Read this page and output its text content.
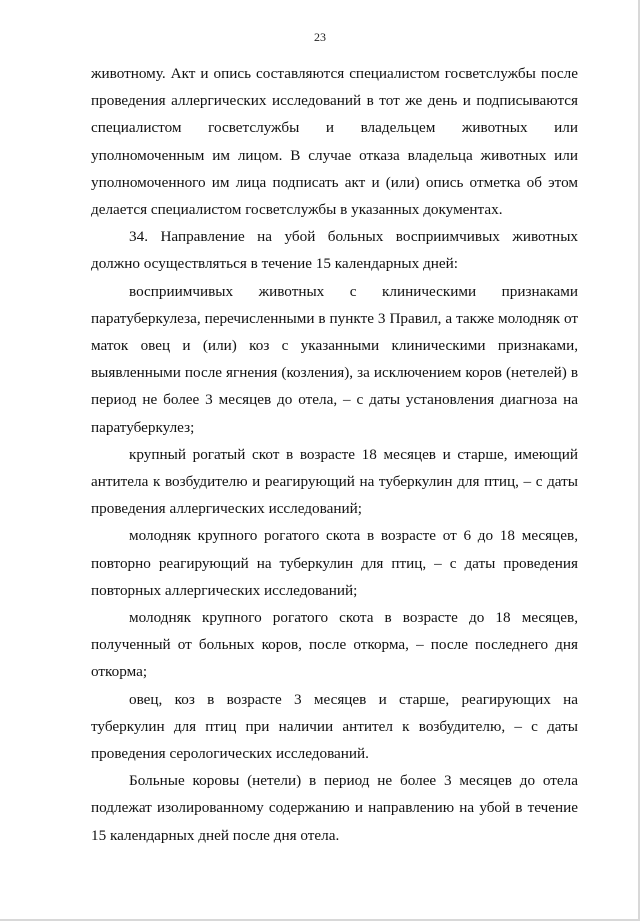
23

животному. Акт и опись составляются специалистом госветслужбы после проведения аллергических исследований в тот же день и подписываются специалистом госветслужбы и владельцем животных или уполномоченным им лицом. В случае отказа владельца животных или уполномоченного им лица подписать акт и (или) опись отметка об этом делается специалистом госветслужбы в указанных документах.

34. Направление на убой больных восприимчивых животных должно осуществляться в течение 15 календарных дней:

восприимчивых животных с клиническими признаками паратуберкулеза, перечисленными в пункте 3 Правил, а также молодняк от маток овец и (или) коз с указанными клиническими признаками, выявленными после ягнения (козления), за исключением коров (нетелей) в период не более 3 месяцев до отела, – с даты установления диагноза на паратуберкулез;

крупный рогатый скот в возрасте 18 месяцев и старше, имеющий антитела к возбудителю и реагирующий на туберкулин для птиц, – с даты проведения аллергических исследований;

молодняк крупного рогатого скота в возрасте от 6 до 18 месяцев, повторно реагирующий на туберкулин для птиц, – с даты проведения повторных аллергических исследований;

молодняк крупного рогатого скота в возрасте до 18 месяцев, полученный от больных коров, после откорма, – после последнего дня откорма;

овец, коз в возрасте 3 месяцев и старше, реагирующих на туберкулин для птиц при наличии антител к возбудителю, – с даты проведения серологических исследований.

Больные коровы (нетели) в период не более 3 месяцев до отела подлежат изолированному содержанию и направлению на убой в течение 15 календарных дней после дня отела.
